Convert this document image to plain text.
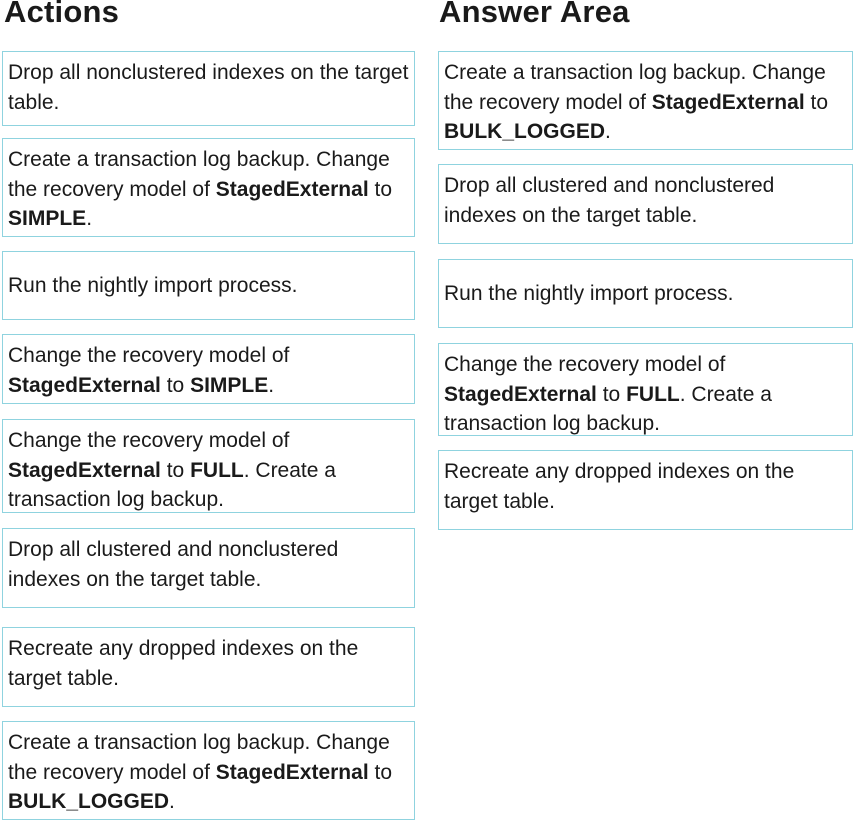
Actions	Answer Area
Drop all nonclustered indexes on the target table.
Create a transaction log backup. Change the recovery model of StagedExternal to SIMPLE.
Run the nightly import process.
Change the recovery model of StagedExternal to SIMPLE.
Change the recovery model of StagedExternal to FULL. Create a transaction log backup.
Drop all clustered and nonclustered indexes on the target table.
Recreate any dropped indexes on the target table.
Create a transaction log backup. Change the recovery model of StagedExternal to BULK_LOGGED.
Create a transaction log backup. Change the recovery model of StagedExternal to BULK_LOGGED.
Drop all clustered and nonclustered indexes on the target table.
Run the nightly import process.
Change the recovery model of StagedExternal to FULL. Create a transaction log backup.
Recreate any dropped indexes on the target table.
